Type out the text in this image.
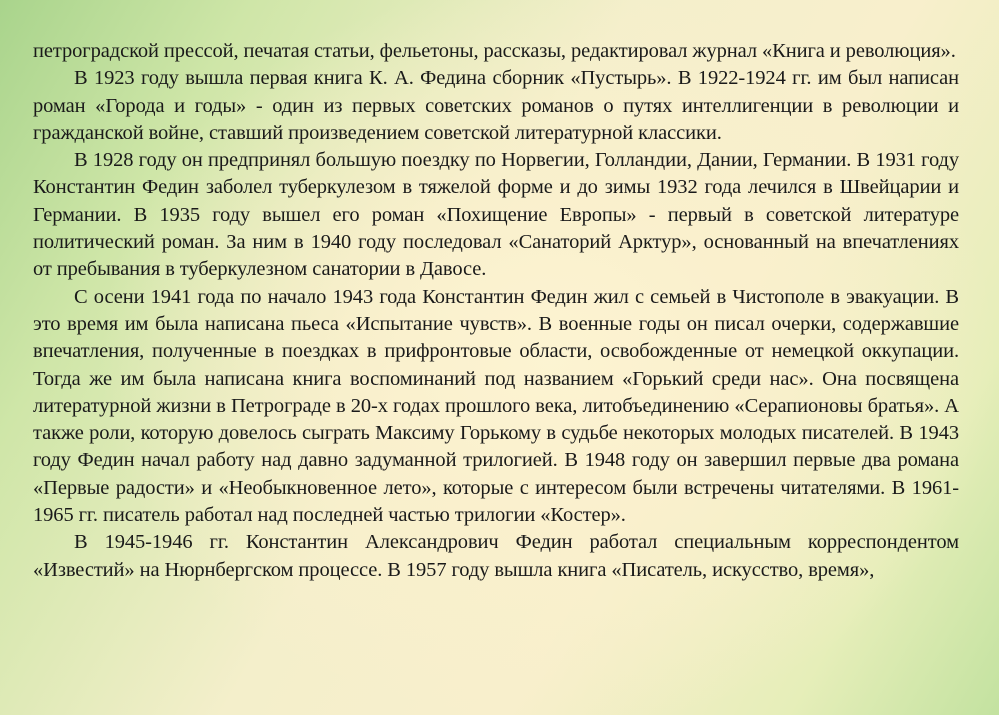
петроградской прессой, печатая статьи, фельетоны, рассказы, редактировал журнал «Книга и революция».

В 1923 году вышла первая книга К. А. Федина сборник «Пустырь». В 1922-1924 гг. им был написан роман «Города и годы» - один из первых советских романов о путях интеллигенции в революции и гражданской войне, ставший произведением советской литературной классики.

В 1928 году он предпринял большую поездку по Норвегии, Голландии, Дании, Германии. В 1931 году Константин Федин заболел туберкулезом в тяжелой форме и до зимы 1932 года лечился в Швейцарии и Германии. В 1935 году вышел его роман «Похищение Европы» - первый в советской литературе политический роман. За ним в 1940 году последовал «Санаторий Арктур», основанный на впечатлениях от пребывания в туберкулезном санатории в Давосе.

С осени 1941 года по начало 1943 года Константин Федин жил с семьей в Чистополе в эвакуации. В это время им была написана пьеса «Испытание чувств». В военные годы он писал очерки, содержавшие впечатления, полученные в поездках в прифронтовые области, освобожденные от немецкой оккупации. Тогда же им была написана книга воспоминаний под названием «Горький среди нас». Она посвящена литературной жизни в Петрограде в 20-х годах прошлого века, литобъединению «Серапионовы братья». А также роли, которую довелось сыграть Максиму Горькому в судьбе некоторых молодых писателей. В 1943 году Федин начал работу над давно задуманной трилогией. В 1948 году он завершил первые два романа «Первые радости» и «Необыкновенное лето», которые с интересом были встречены читателями. В 1961-1965 гг. писатель работал над последней частью трилогии «Костер».

В 1945-1946 гг. Константин Александрович Федин работал специальным корреспондентом «Известий» на Нюрнбергском процессе. В 1957 году вышла книга «Писатель, искусство, время»,
